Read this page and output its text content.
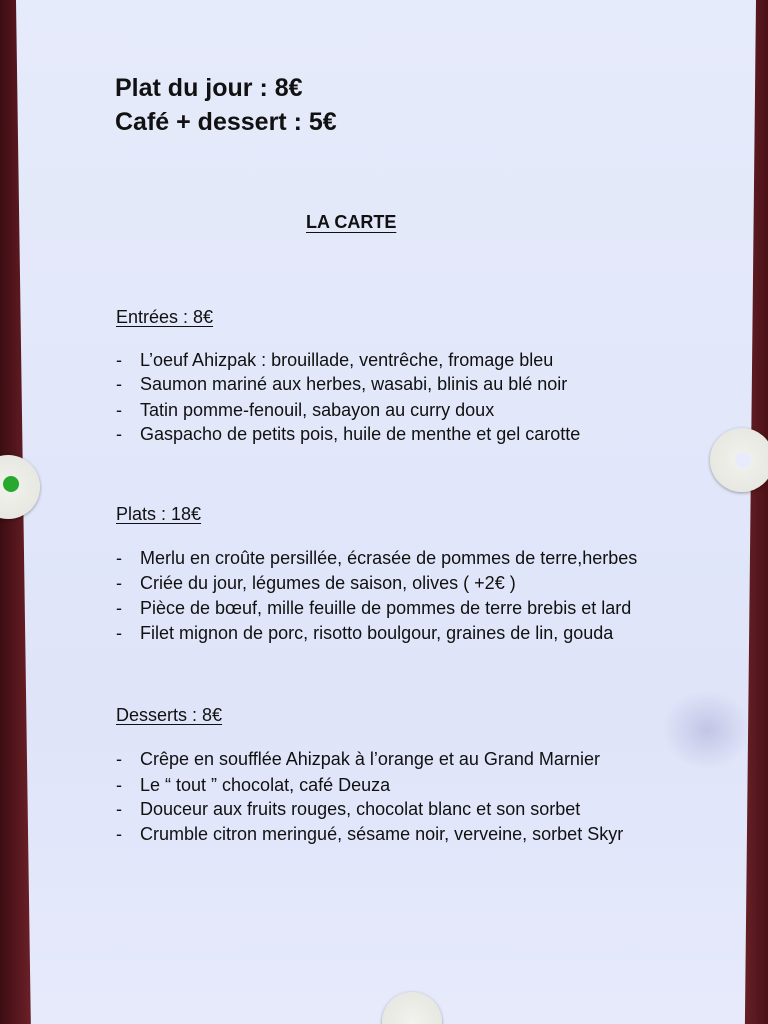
Plat du jour : 8€
Café + dessert : 5€
LA CARTE
Entrées : 8€
-	L’oeuf Ahizpak : brouillade, ventrêche, fromage bleu
-	Saumon mariné aux herbes, wasabi, blinis au blé noir
-	Tatin pomme-fenouil, sabayon au curry doux
-	Gaspacho de petits pois, huile de menthe et gel carotte
Plats : 18€
-	Merlu en croûte persillée, écrasée de pommes de terre,herbes
-	Criée du jour, légumes de saison, olives ( +2€ )
-	Pièce de bœuf, mille feuille de pommes de terre brebis et lard
-	Filet mignon de porc, risotto boulgour, graines de lin, gouda
Desserts : 8€
-	Crêpe en soufflée Ahizpak à l’orange et au Grand Marnier
-	Le “ tout ” chocolat, café Deuza
-	Douceur aux fruits rouges, chocolat blanc et son sorbet
-	Crumble citron meringué, sésame noir, verveine, sorbet Skyr
